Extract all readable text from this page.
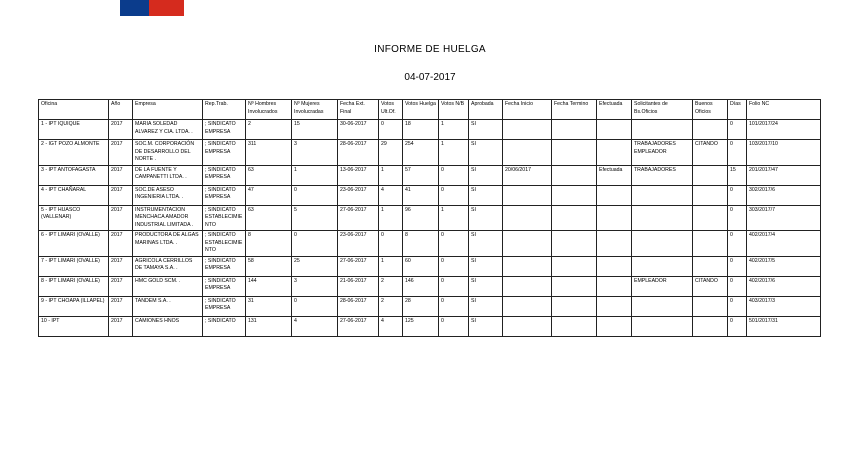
Gobierno de Chile
INFORME DE HUELGA
04-07-2017
Oficina	Año	Empresa	Rep.Trab.	Nº Hombres Involucrados	Nº Mujeres Involucradas	Fecha Ext. Final	Votos Ult.Of.	Votos Huelga	Votos N/B	Aprobada	Fecha Inicio	Fecha Termino	Efectuada	Solicitantes de Bs.Oficios	Buenos Oficios	Días	Folio NC
1 - IPT IQUIQUE	2017	MARIA SOLEDAD ALVAREZ Y CIA. LTDA. .	; SINDICATO EMPRESA	2	15	30-06-2017	0	18	1	SI						0	101/2017/24
2 - IGT POZO ALMONTE	2017	SOC.M. CORPORACIÓN DE DESARROLLO DEL NORTE .	; SINDICATO EMPRESA	311	3	28-06-2017	29	254	1	SI				TRABAJADORES EMPLEADOR	CITANDO	0	103/2017/10
3 - IPT ANTOFAGASTA	2017	DE LA FUENTE Y CAMPANETTI LTDA. .	; SINDICATO EMPRESA	63	1	13-06-2017	1	57	0	SI	20/06/2017		Efectuada	TRABAJADORES		15	201/2017/47
4 - IPT CHAÑARAL	2017	SOC.DE ASESO INGENIERIA LTDA. .	; SINDICATO EMPRESA	47	0	23-06-2017	4	41	0	SI						0	302/2017/6
5 - IPT HUASCO (VALLENAR)	2017	INSTRUMENTACION MENCHACA AMADOR INDUSTRIAL LIMITADA .	; SINDICATO ESTABLECIMIENTO	63	5	27-06-2017	1	96	1	SI						0	303/2017/7
6 - IPT LIMARI (OVALLE)	2017	PRODUCTORA DE ALGAS MARINAS LTDA. .	; SINDICATO ESTABLECIMIENTO	8	0	23-06-2017	0	8	0	SI						0	402/2017/4
7 - IPT LIMARI (OVALLE)	2017	AGRICOLA CERRILLOS DE TAMAYA S.A. .	; SINDICATO EMPRESA	58	25	27-06-2017	1	60	0	SI						0	402/2017/5
8 - IPT LIMARI (OVALLE)	2017	HMC GOLD SCM. .	; SINDICATO EMPRESA	144	3	21-06-2017	2	146	0	SI				EMPLEADOR	CITANDO	0	402/2017/6
9 - IPT CHOAPA (ILLAPEL)	2017	TANDEM S.A. .	; SINDICATO EMPRESA	31	0	28-06-2017	2	28	0	SI						0	403/2017/3
10 - IPT	2017	CAMIONES HNOS	; SINDICATO	131	4	27-06-2017	4	125	0	SI						0	501/2017/31
